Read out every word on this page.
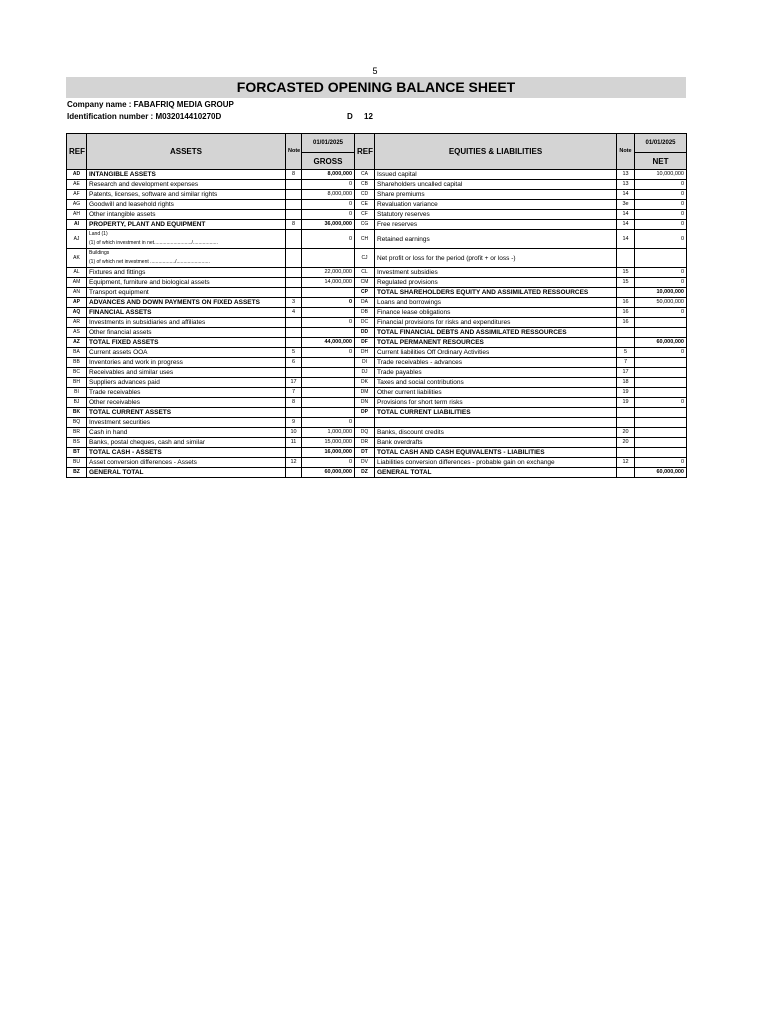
5
FORCASTED OPENING BALANCE SHEET
Company name : FABAFRIQ MEDIA GROUP
Identification number : M032014410270D	D 12
REF	ASSETS	Note	01/01/2025	REF	EQUITIES & LIABILITIES	Note	01/01/2025
			GROSS				NET
AD	INTANGIBLE ASSETS	8	8,000,000	CA	Issued capital	13	10,000,000
AE	Research and development expenses		0	CB	Shareholders uncalled capital	13	0
AF	Patents, licenses, software and similar rights		8,000,000	CD	Share premiums	14	0
AG	Goodwill and leasehold rights		0	CE	Revaluation variance	3e	0
AH	Other intangible assets		0	CF	Statutory reserves	14	0
AI	PROPERTY, PLANT AND EQUIPMENT	8	36,000,000	CG	Free reserves	14	0
AJ	Land (1)
(1) of which investment in net.........................../..................		0	CH	Retained earnings	14	0
AK	Buildings
(1) of which net investment ................../........................			CJ	Net profit or loss for the period (profit + or loss -)		
AL	Fixtures and fittings		22,000,000	CL	Investment subsidies	15	0
AM	Equipment, furniture and biological assets		14,000,000	CM	Regulated provisions	15	0
AN	Transport equipment			CP	TOTAL SHAREHOLDERS EQUITY AND ASSIMILATED RESSOURCES		10,000,000
AP	ADVANCES AND DOWN PAYMENTS ON FIXED ASSETS	3	0	DA	Loans and borrowings	16	50,000,000
AQ	FINANCIAL ASSETS	4		DB	Finance lease obligations	16	0
AR	Investments in subsidiaries and affiliates		0	DC	Financial provisions for risks and expenditures	16	
AS	Other financial assets			DD	TOTAL FINANCIAL DEBTS AND ASSIMILATED RESSOURCES		
AZ	TOTAL FIXED ASSETS		44,000,000	DF	TOTAL PERMANENT RESOURCES		60,000,000
BA	Current assets OOA	5	0	DH	Current liabilities Off Ordinary Activities	5	0
BB	Inventories and work in progress	6		DI	Trade receivables - advances	7	
BC	Receivables and similar uses			DJ	Trade payables	17	
BH	Suppliers advances paid	17		DK	Taxes and social contributions	18	
BI	Trade receivables	7		DM	Other current liabilities	19	
BJ	Other receivables	8		DN	Provisions for short term risks	19	0
BK	TOTAL CURRENT ASSETS			DP	TOTAL CURRENT LIABILITIES		
BQ	Investment securities	9	0				
BR	Cash in hand	10	1,000,000	DQ	Banks, discount credits	20	
BS	Banks, postal cheques, cash and similar	11	15,000,000	DR	Bank overdrafts	20	
BT	TOTAL CASH - ASSETS		16,000,000	DT	TOTAL CASH AND CASH EQUIVALENTS - LIABILITIES		
BU	Asset conversion differences - Assets	12	0	DV	Liabilities conversion differences - probable gain on exchange	12	0
BZ	GENERAL TOTAL		60,000,000	DZ	GENERAL TOTAL		60,000,000
